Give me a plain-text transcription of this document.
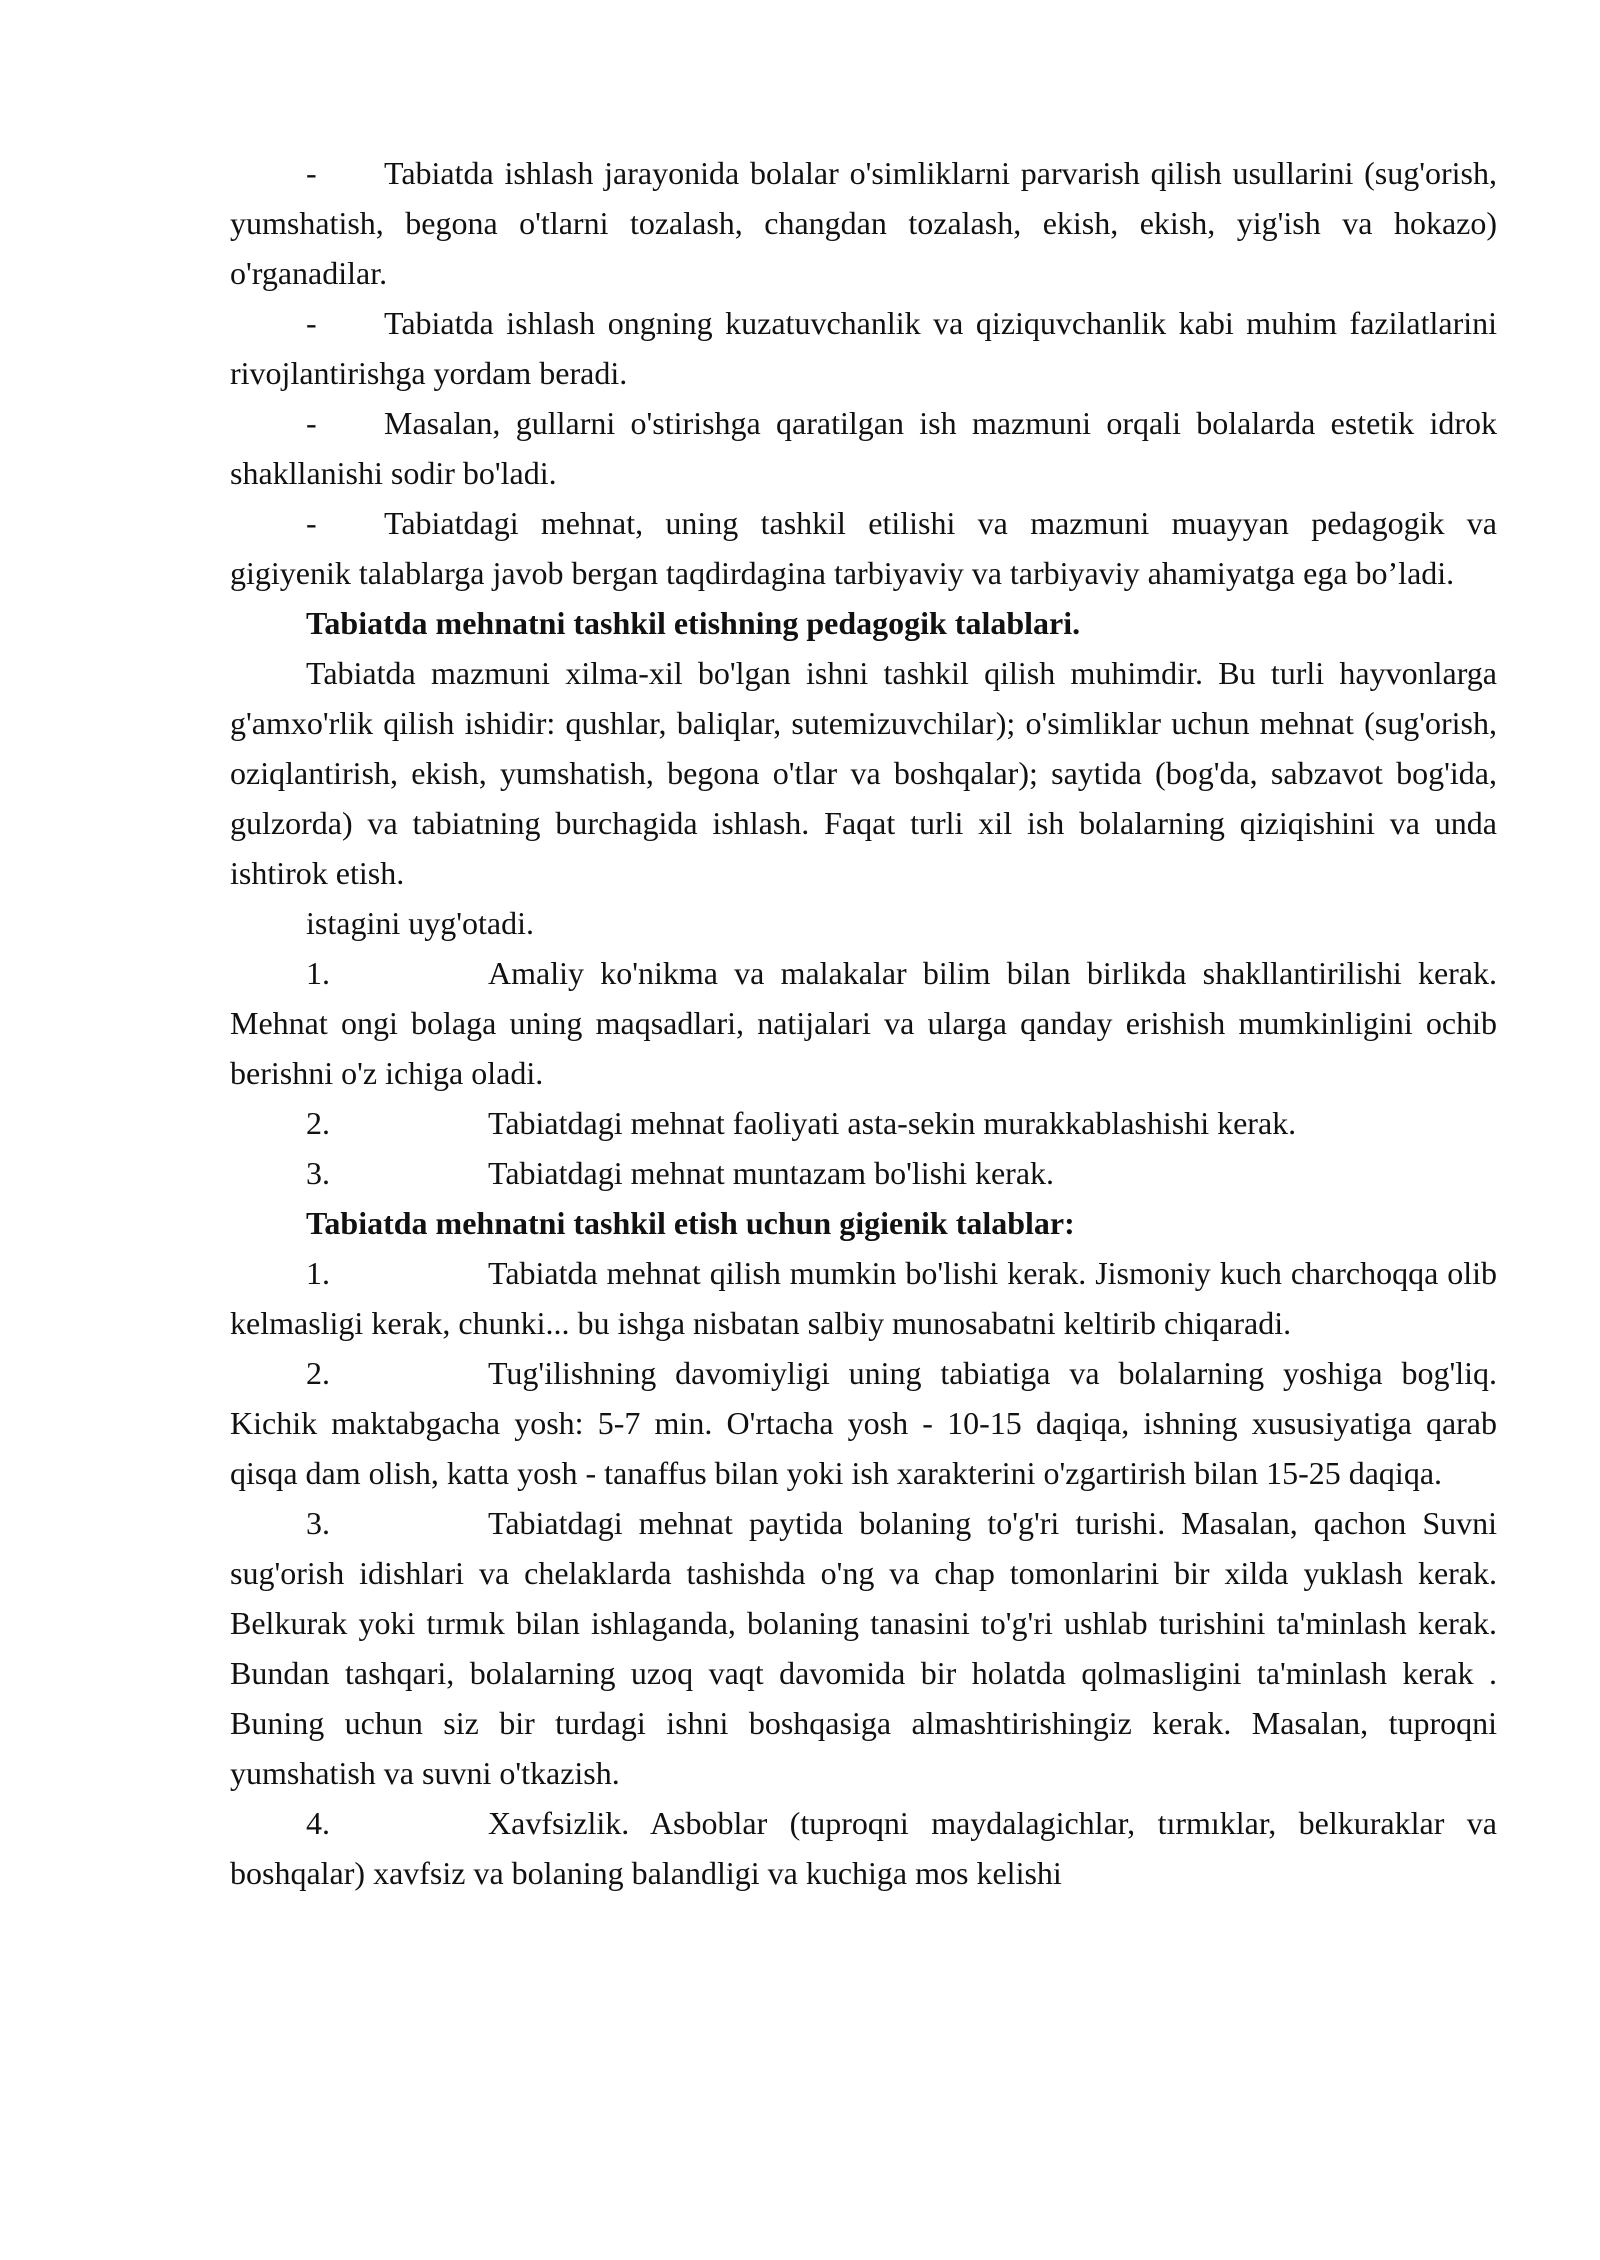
- Tabiatda ishlash jarayonida bolalar o'simliklarni parvarish qilish usullarini (sug'orish, yumshatish, begona o'tlarni tozalash, changdan tozalash, ekish, ekish, yig'ish va hokazo) o'rganadilar.

- Tabiatda ishlash ongning kuzatuvchanlik va qiziquvchanlik kabi muhim fazilatlarini rivojlantirishga yordam beradi.

- Masalan, gullarni o'stirishga qaratilgan ish mazmuni orqali bolalarda estetik idrok shakllanishi sodir bo'ladi.

- Tabiatdagi mehnat, uning tashkil etilishi va mazmuni muayyan pedagogik va gigiyenik talablarga javob bergan taqdirdagina tarbiyaviy va tarbiyaviy ahamiyatga ega bo’ladi.

Tabiatda mehnatni tashkil etishning pedagogik talablari.

Tabiatda mazmuni xilma-xil bo'lgan ishni tashkil qilish muhimdir. Bu turli hayvonlarga g'amxo'rlik qilish ishidir: qushlar, baliqlar, sutemizuvchilar); o'simliklar uchun mehnat (sug'orish, oziqlantirish, ekish, yumshatish, begona o'tlar va boshqalar); saytida (bog'da, sabzavot bog'ida, gulzorda) va tabiatning burchagida ishlash. Faqat turli xil ish bolalarning qiziqishini va unda ishtirok etish.

istagini uyg'otadi.

1.	Amaliy ko'nikma va malakalar bilim bilan birlikda shakllantirilishi kerak. Mehnat ongi bolaga uning maqsadlari, natijalari va ularga qanday erishish mumkinligini ochib berishni o'z ichiga oladi.

2.	Tabiatdagi mehnat faoliyati asta-sekin murakkablashishi kerak.

3.	Tabiatdagi mehnat muntazam bo'lishi kerak.

Tabiatda mehnatni tashkil etish uchun gigienik talablar:

1.	Tabiatda mehnat qilish mumkin bo'lishi kerak. Jismoniy kuch charchoqqa olib kelmasligi kerak, chunki... bu ishga nisbatan salbiy munosabatni keltirib chiqaradi.

2.	Tug'ilishning davomiyligi uning tabiatiga va bolalarning yoshiga bog'liq. Kichik maktabgacha yosh: 5-7 min. O'rtacha yosh - 10-15 daqiqa, ishning xususiyatiga qarab qisqa dam olish, katta yosh - tanaffus bilan yoki ish xarakterini o'zgartirish bilan 15-25 daqiqa.

3.	Tabiatdagi mehnat paytida bolaning to'g'ri turishi. Masalan, qachon Suvni sug'orish idishlari va chelaklarda tashishda o'ng va chap tomonlarini bir xilda yuklash kerak. Belkurak yoki tırmık bilan ishlaganda, bolaning tanasini to'g'ri ushlab turishini ta'minlash kerak. Bundan tashqari, bolalarning uzoq vaqt davomida bir holatda qolmasligini ta'minlash kerak . Buning uchun siz bir turdagi ishni boshqasiga almashtirishingiz kerak. Masalan, tuproqni yumshatish va suvni o'tkazish.

4.	Xavfsizlik. Asboblar (tuproqni maydalagichlar, tırmıklar, belkuraklar va boshqalar) xavfsiz va bolaning balandligi va kuchiga mos kelishi
